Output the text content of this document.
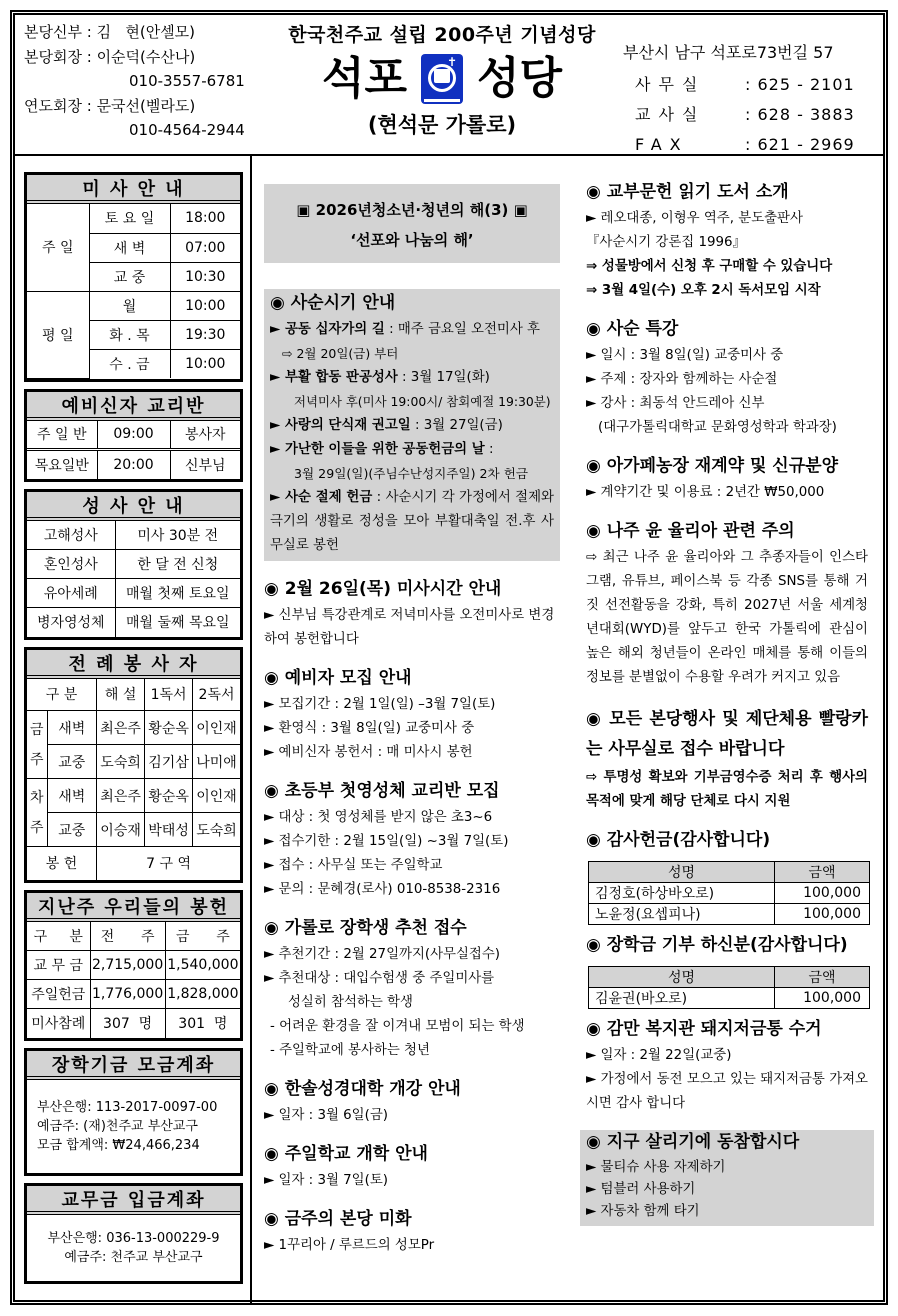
본당신부 : 김   현(안셀모)
본당회장 : 이순덕(수산나)
010-3557-6781
연도회장 : 문국선(벨라도)
010-4564-2944
한국천주교 설립 200주년 기념성당
석포	✝ 성당
(현석문 가롤로)
부산시 남구 석포로73번길 57
사무실	: 625 - 2101
교사실	: 628 - 3883
FAX	: 621 - 2969
미 사 안 내
주 일	토 요 일	18:00
	새 벽	07:00
	교 중	10:30
평 일	월	10:00
	화 . 목	19:30
	수 . 금	10:00
예비신자 교리반
주 일 반	09:00	봉사자
목요일반	20:00	신부님
성 사 안 내
고해성사	미사 30분 전
혼인성사	한 달 전 신청
유아세례	매월 첫째 토요일
병자영성체	매월 둘째 목요일
전 례 봉 사 자
구 분		해 설	1독서	2독서
금주	새벽	최은주	황순옥	이인재
	교중	도숙희	김기삼	나미애
차주	새벽	최은주	황순옥	이인재
	교중	이승재	박태성	도숙희
봉 헌		7 구 역		
지난주 우리들의 봉헌
구     분	전      주	금      주
교 무 금	2,715,000	1,540,000
주일헌금	1,776,000	1,828,000
미사참례	307  명	301  명
장학기금 모금계좌
부산은행: 113-2017-0097-00
예금주: (재)천주교 부산교구
모금 합계액: ₩24,466,234
교무금 입금계좌
부산은행: 036-13-000229-9
예금주: 천주교 부산교구
▣ 2026년청소년·청년의 해(3) ▣
‘선포와 나눔의 해’
◉ 사순시기 안내

► 공동 십자가의 길 : 매주 금요일 오전미사 후

⇨ 2월 20일(금) 부터

► 부활 합동 판공성사 : 3월 17일(화)

저녁미사 후(미사 19:00시/ 참회예절 19:30분)

► 사랑의 단식재 권고일 : 3월 27일(금)

► 가난한 이들을 위한 공동헌금의 날 :

3월 29일(일)(주님수난성지주일) 2차 헌금

► 사순 절제 헌금 : 사순시기 각 가정에서 절제와 극기의 생활로 정성을 모아 부활대축일 전.후 사무실로 봉헌

◉ 2월 26일(목) 미사시간 안내

► 신부님 특강관계로 저녁미사를 오전미사로 변경하여 봉헌합니다

◉ 예비자 모집 안내

► 모집기간 : 2월 1일(일) –3월 7일(토)

► 환영식 : 3월 8일(일) 교중미사 중

► 예비신자 봉헌서 : 매 미사시 봉헌

◉ 초등부 첫영성체 교리반 모집

► 대상 : 첫 영성체를 받지 않은 초3~6

► 접수기한 : 2월 15일(일) ~3월 7일(토)

► 접수 : 사무실 또는 주일학교

► 문의 : 문혜경(로사) 010-8538-2316

◉ 가롤로 장학생 추천 접수

► 추천기간 : 2월 27일까지(사무실접수)

► 추천대상 : 대입수험생 중 주일미사를

성실히 참석하는 학생

- 어려운 환경을 잘 이겨내 모범이 되는 학생

- 주일학교에 봉사하는 청년

◉ 한솔성경대학 개강 안내

► 일자 : 3월 6일(금)

◉ 주일학교 개학 안내

► 일자 : 3월 7일(토)

◉ 금주의 본당 미화

► 1꾸리아 / 루르드의 성모Pr

◉ 교부문헌 읽기 도서 소개

► 레오대종, 이형우 역주, 분도출판사

『사순시기 강론집 1996』

⇒ 성물방에서 신청 후 구매할 수 있습니다

⇒ 3월 4일(수) 오후 2시 독서모임 시작

◉ 사순 특강

► 일시 : 3월 8일(일) 교중미사 중

► 주제 : 장자와 함께하는 사순절

► 강사 : 최동석 안드레아 신부

(대구가톨릭대학교 문화영성학과 학과장)

◉ 아가페농장 재계약 및 신규분양

► 계약기간 및 이용료 : 2년간 ₩50,000

◉ 나주 윤 율리아 관련 주의

⇨ 최근 나주 윤 율리아와 그 추종자들이 인스타그램, 유튜브, 페이스북 등 각종 SNS를 통해 거짓 선전활동을 강화, 특히 2027년 서울 세계청년대회(WYD)를 앞두고 한국 가톨릭에 관심이 높은 해외 청년들이 온라인 매체를 통해 이들의 정보를 분별없이 수용할 우려가 커지고 있음

◉ 모든 본당행사 및 제단체용 빨랑카는 사무실로 접수 바랍니다

⇨ 투명성 확보와 기부금영수증 처리 후 행사의 목적에 맞게 해당 단체로 다시 지원

◉ 감사헌금(감사합니다)
성명	금액
김정호(하상바오로)	100,000
노윤정(요셉피나)	100,000
◉ 장학금 기부 하신분(감사합니다)
성명	금액
김윤권(바오로)	100,000
◉ 감만 복지관 돼지저금통 수거

► 일자 : 2월 22일(교중)

► 가정에서 동전 모으고 있는 돼지저금통 가져오시면 감사 합니다

◉ 지구 살리기에 동참합시다

► 물티슈 사용 자제하기

► 텀블러 사용하기

► 자동차 함께 타기
